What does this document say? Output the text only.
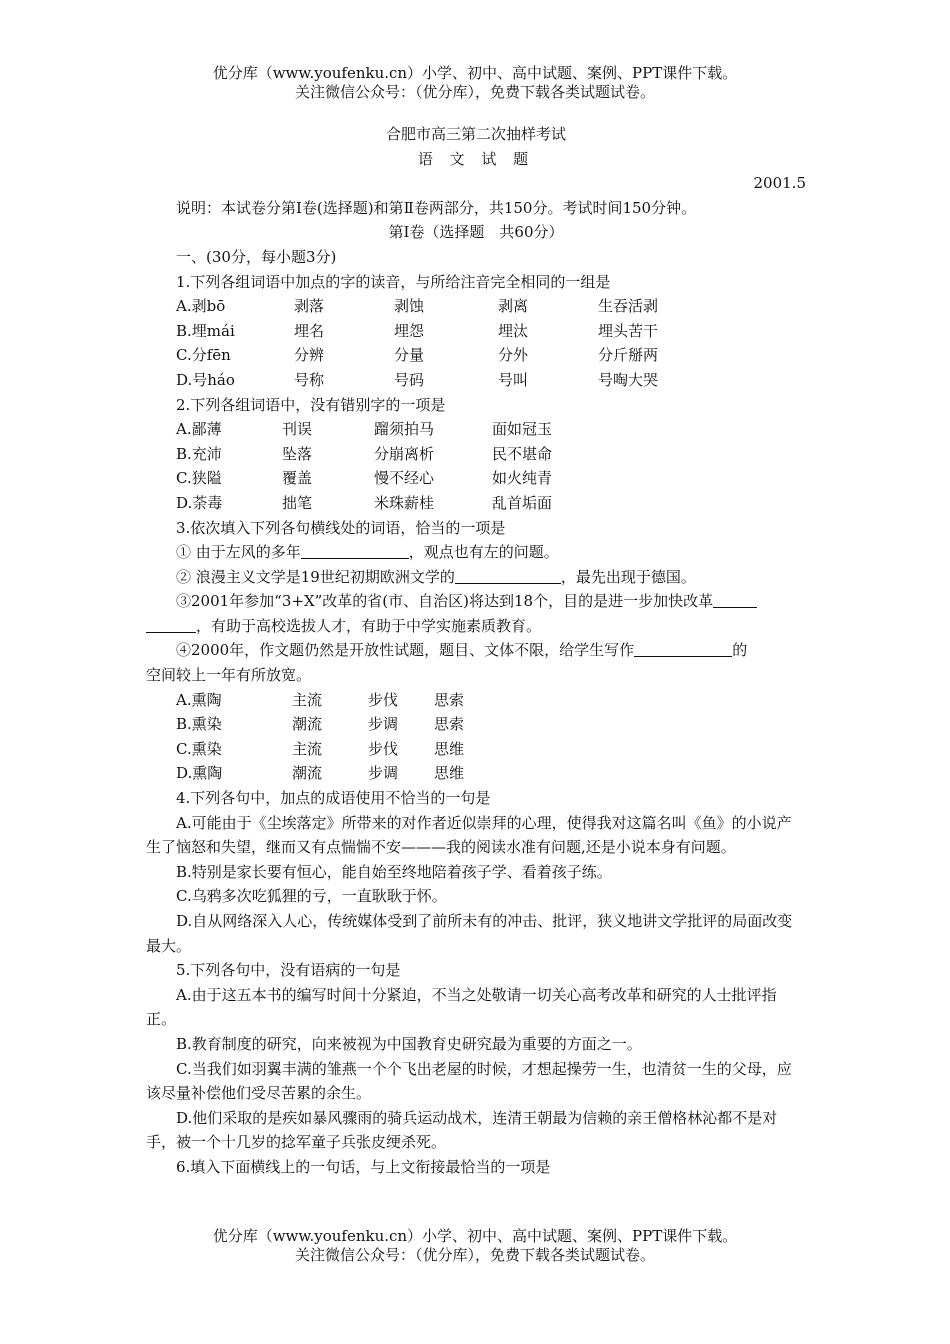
优分库（www.youfenku.cn）小学、初中、高中试题、案例、PPT课件下载。

关注微信公众号：（优分库），免费下载各类试题试卷。

合肥市高三第二次抽样考试
语 文 试 题
2001.5
说明：本试卷分第Ⅰ卷(选择题)和第Ⅱ卷两部分，共150分。考试时间150分钟。
第Ⅰ卷（选择题　共60分）
一、(30分，每小题3分)
1.下列各组词语中加点的字的读音，与所给注音完全相同的一组是
A.剥bō	剥落	剥蚀	剥离	生吞活剥
B.埋mái	埋名	埋怨	埋汰	埋头苦干
C.分fēn	分辨	分量	分外	分斤掰两
D.号háo	号称	号码	号叫	号啕大哭
2.下列各组词语中，没有错别字的一项是
A.鄙薄	刊误	蹓须拍马	面如冠玉
B.充沛	坠落	分崩离析	民不堪命
C.狭隘	覆盖	慢不经心	如火纯青
D.荼毒	拙笔	米珠薪桂	乱首垢面
3.依次填入下列各句横线处的词语，恰当的一项是
① 由于左风的多年	，观点也有左的问题。
② 浪漫主义文学是19世纪初期欧洲文学的	，最先出现于德国。
③2001年参加“3+X”改革的省(市、自治区)将达到18个，目的是进一步加快改革
，有助于高校选拔人才，有助于中学实施素质教育。
④2000年，作文题仍然是开放性试题，题目、文体不限，给学生写作	的
空间较上一年有所放宽。
A.熏陶	主流	步伐 思索
B.熏染	潮流	步调 思索
C.熏染	主流	步伐 思维
D.熏陶	潮流	步调 思维
4.下列各句中，加点的成语使用不恰当的一句是

A.可能由于《尘埃落定》所带来的对作者近似崇拜的心理，使得我对这篇名叫《鱼》的小说产生了恼怒和失望，继而又有点惴惴不安———我的阅读水准有问题,还是小说本身有问题。

B.特别是家长要有恒心，能自始至终地陪着孩子学、看着孩子练。
C.乌鸦多次吃狐狸的亏，一直耿耿于怀。

D.自从网络深入人心，传统媒体受到了前所未有的冲击、批评，狭义地讲文学批评的局面改变最大。

5.下列各句中，没有语病的一句是

A.由于这五本书的编写时间十分紧迫，不当之处敬请一切关心高考改革和研究的人士批评指正。

B.教育制度的研究，向来被视为中国教育史研究最为重要的方面之一。

C.当我们如羽翼丰满的雏燕一个个飞出老屋的时候，才想起操劳一生，也清贫一生的父母，应该尽量补偿他们受尽苦累的余生。

D.他们采取的是疾如暴风骤雨的骑兵运动战术，连清王朝最为信赖的亲王僧格林沁都不是对手，被一个十几岁的捻军童子兵张皮绠杀死。

6.填入下面横线上的一句话，与上文衔接最恰当的一项是

优分库（www.youfenku.cn）小学、初中、高中试题、案例、PPT课件下载。

关注微信公众号：（优分库），免费下载各类试题试卷。
